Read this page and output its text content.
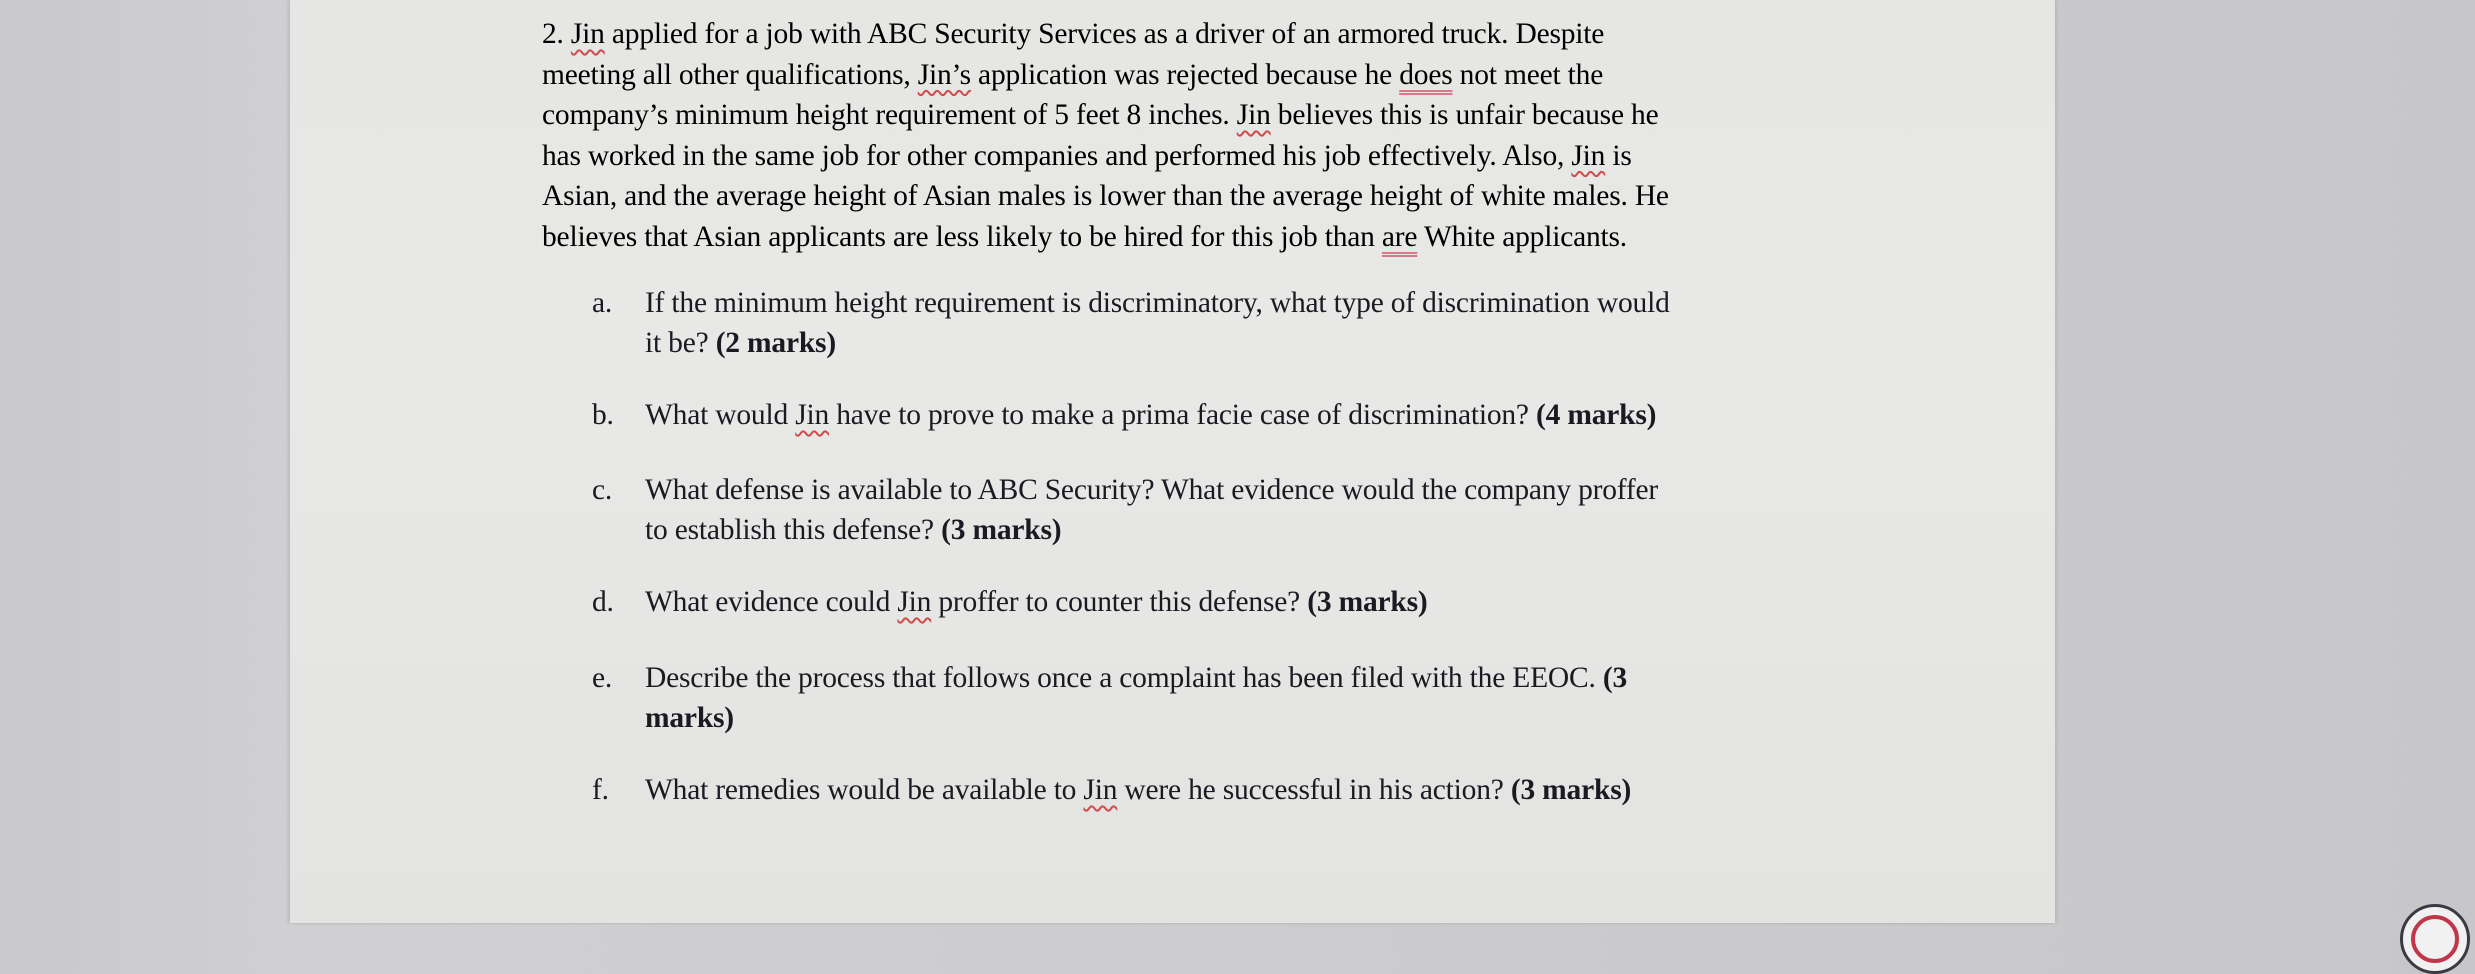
2. Jin applied for a job with ABC Security Services as a driver of an armored truck. Despite
meeting all other qualifications, Jin’s application was rejected because he does not meet the
company’s minimum height requirement of 5 feet 8 inches. Jin believes this is unfair because he
has worked in the same job for other companies and performed his job effectively. Also, Jin is
Asian, and the average height of Asian males is lower than the average height of white males. He
believes that Asian applicants are less likely to be hired for this job than are White applicants.
a. If the minimum height requirement is discriminatory, what type of discrimination would
it be? (2 marks)
b. What would Jin have to prove to make a prima facie case of discrimination? (4 marks)
c. What defense is available to ABC Security? What evidence would the company proffer
to establish this defense? (3 marks)
d. What evidence could Jin proffer to counter this defense? (3 marks)
e. Describe the process that follows once a complaint has been filed with the EEOC. (3
marks)
f. What remedies would be available to Jin were he successful in his action? (3 marks)
